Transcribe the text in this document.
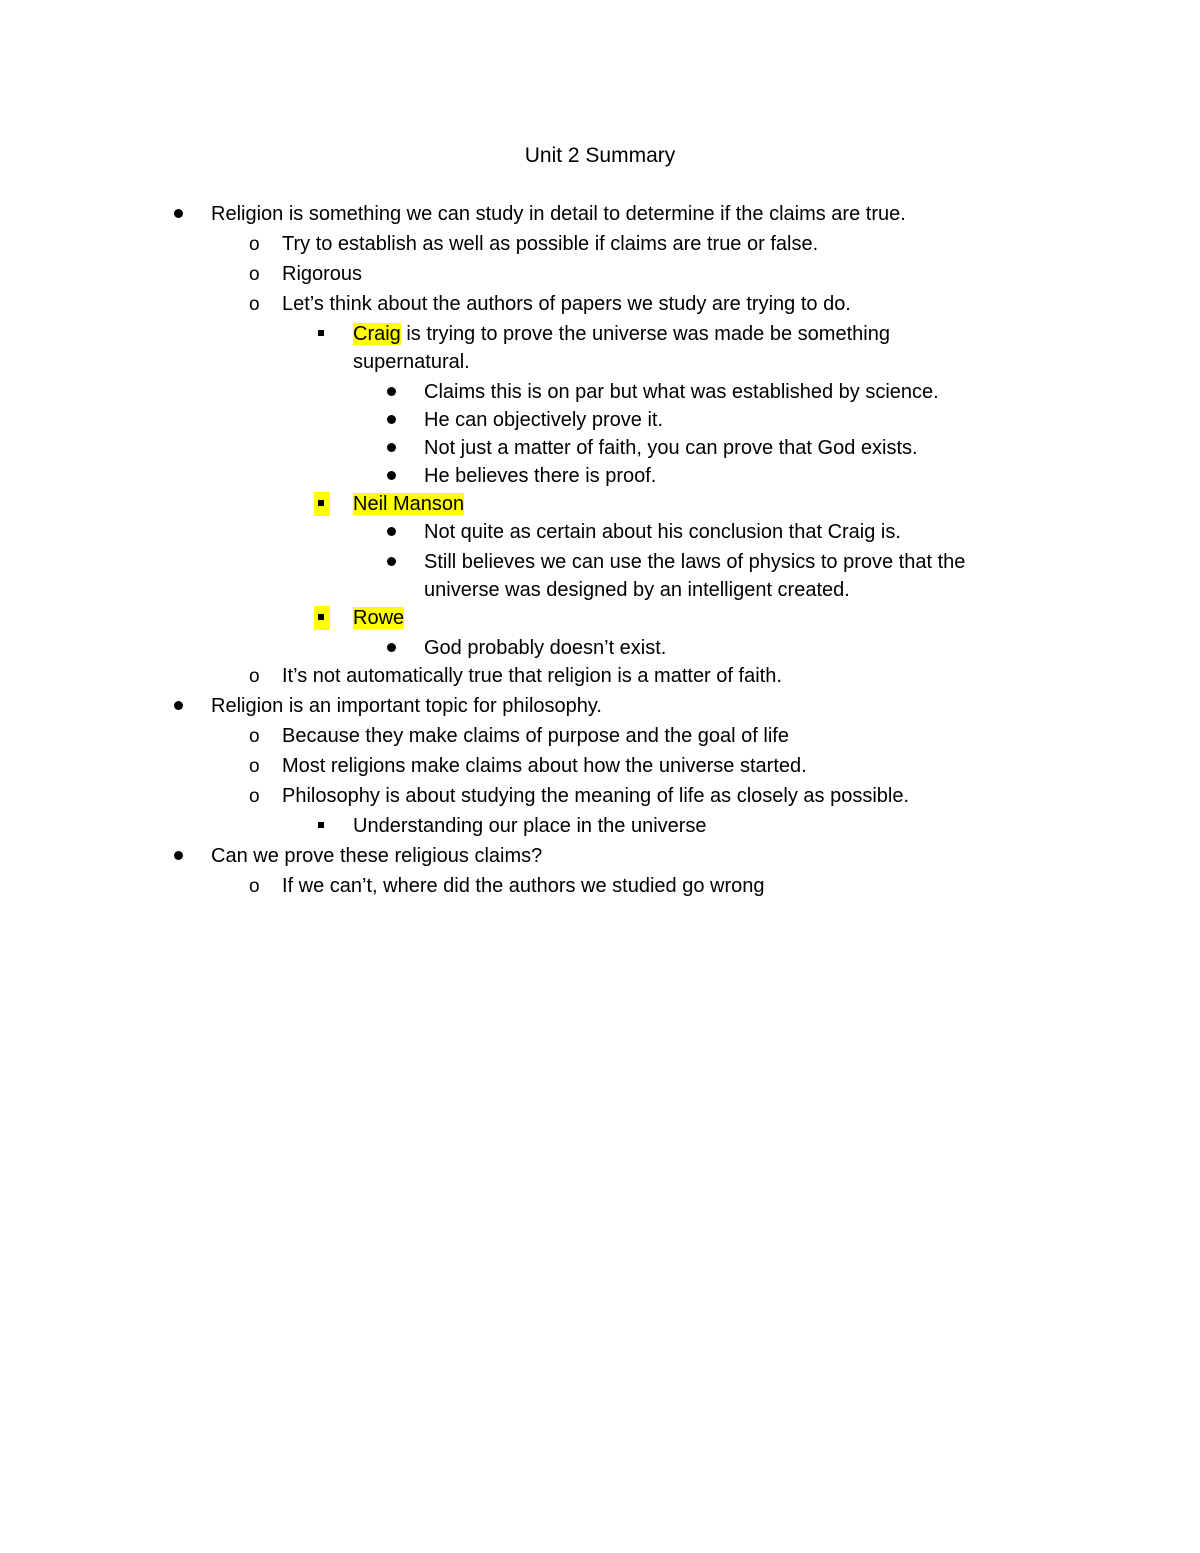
Unit 2 Summary
Religion is something we can study in detail to determine if the claims are true.
o Try to establish as well as possible if claims are true or false.
o Rigorous
o Let’s think about the authors of papers we study are trying to do.
Craig is trying to prove the universe was made be something
supernatural.
Claims this is on par but what was established by science.
He can objectively prove it.
Not just a matter of faith, you can prove that God exists.
He believes there is proof.
Neil Manson
Not quite as certain about his conclusion that Craig is.
Still believes we can use the laws of physics to prove that the
universe was designed by an intelligent created.
Rowe
God probably doesn’t exist.
o It’s not automatically true that religion is a matter of faith.
Religion is an important topic for philosophy.
o Because they make claims of purpose and the goal of life
o Most religions make claims about how the universe started.
o Philosophy is about studying the meaning of life as closely as possible.
Understanding our place in the universe
Can we prove these religious claims?
o If we can’t, where did the authors we studied go wrong
